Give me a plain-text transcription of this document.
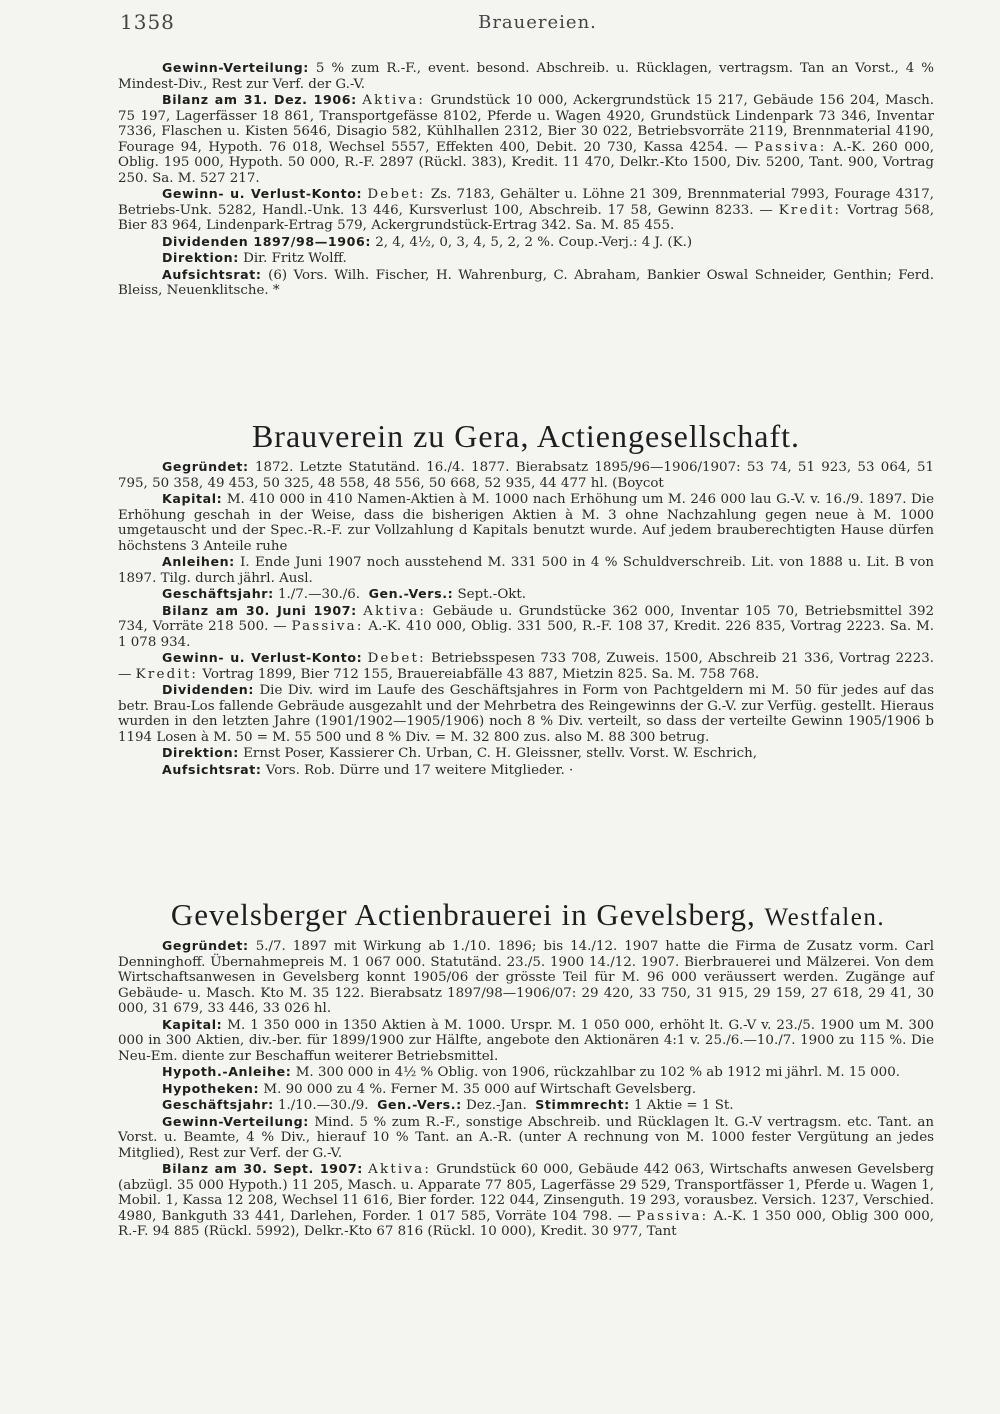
1358	Brauereien.

Gewinn-Verteilung: 5 % zum R.-F., event. besond. Abschreib. u. Rücklagen, vertragsm. Tan an Vorst., 4 % Mindest-Div., Rest zur Verf. der G.-V.

Bilanz am 31. Dez. 1906: Aktiva: Grundstück 10 000, Ackergrundstück 15 217, Gebäude 156 204, Masch. 75 197, Lagerfässer 18 861, Transportgefässe 8102, Pferde u. Wagen 4920, Grundstück Lindenpark 73 346, Inventar 7336, Flaschen u. Kisten 5646, Disagio 582, Kühlhallen 2312, Bier 30 022, Betriebsvorräte 2119, Brennmaterial 4190, Fourage 94, Hypoth. 76 018, Wechsel 5557, Effekten 400, Debit. 20 730, Kassa 4254. — Passiva: A.-K. 260 000, Oblig. 195 000, Hypoth. 50 000, R.-F. 2897 (Rückl. 383), Kredit. 11 470, Delkr.-Kto 1500, Div. 5200, Tant. 900, Vortrag 250. Sa. M. 527 217.

Gewinn- u. Verlust-Konto: Debet: Zs. 7183, Gehälter u. Löhne 21 309, Brennmaterial 7993, Fourage 4317, Betriebs-Unk. 5282, Handl.-Unk. 13 446, Kursverlust 100, Abschreib. 17 58, Gewinn 8233. — Kredit: Vortrag 568, Bier 83 964, Lindenpark-Ertrag 579, Ackergrundstück-Ertrag 342. Sa. M. 85 455.

Dividenden 1897/98—1906: 2, 4, 4½, 0, 3, 4, 5, 2, 2 %. Coup.-Verj.: 4 J. (K.)

Direktion: Dir. Fritz Wolff.

Aufsichtsrat: (6) Vors. Wilh. Fischer, H. Wahrenburg, C. Abraham, Bankier Oswal Schneider, Genthin; Ferd. Bleiss, Neuenklitsche. *

Brauverein zu Gera, Actiengesellschaft.

Gegründet: 1872. Letzte Statutänd. 16./4. 1877. Bierabsatz 1895/96—1906/1907: 53 74, 51 923, 53 064, 51 795, 50 358, 49 453, 50 325, 48 558, 48 556, 50 668, 52 935, 44 477 hl. (Boycot

Kapital: M. 410 000 in 410 Namen-Aktien à M. 1000 nach Erhöhung um M. 246 000 lau G.-V. v. 16./9. 1897. Die Erhöhung geschah in der Weise, dass die bisherigen Aktien à M. 3 ohne Nachzahlung gegen neue à M. 1000 umgetauscht und der Spec.-R.-F. zur Vollzahlung d Kapitals benutzt wurde. Auf jedem brauberechtigten Hause dürfen höchstens 3 Anteile ruhe

Anleihen: I. Ende Juni 1907 noch ausstehend M. 331 500 in 4 % Schuldverschreib. Lit. von 1888 u. Lit. B von 1897. Tilg. durch jährl. Ausl.

Geschäftsjahr: 1./7.—30./6. Gen.-Vers.: Sept.-Okt.

Bilanz am 30. Juni 1907: Aktiva: Gebäude u. Grundstücke 362 000, Inventar 105 70, Betriebsmittel 392 734, Vorräte 218 500. — Passiva: A.-K. 410 000, Oblig. 331 500, R.-F. 108 37, Kredit. 226 835, Vortrag 2223. Sa. M. 1 078 934.

Gewinn- u. Verlust-Konto: Debet: Betriebsspesen 733 708, Zuweis. 1500, Abschreib 21 336, Vortrag 2223. — Kredit: Vortrag 1899, Bier 712 155, Brauereiabfälle 43 887, Mietzin 825. Sa. M. 758 768.

Dividenden: Die Div. wird im Laufe des Geschäftsjahres in Form von Pachtgeldern mi M. 50 für jedes auf das betr. Brau-Los fallende Gebräude ausgezahlt und der Mehrbetra des Reingewinns der G.-V. zur Verfüg. gestellt. Hieraus wurden in den letzten Jahre (1901/1902—1905/1906) noch 8 % Div. verteilt, so dass der verteilte Gewinn 1905/1906 b 1194 Losen à M. 50 = M. 55 500 und 8 % Div. = M. 32 800 zus. also M. 88 300 betrug.

Direktion: Ernst Poser, Kassierer Ch. Urban, C. H. Gleissner, stellv. Vorst. W. Eschrich,

Aufsichtsrat: Vors. Rob. Dürre und 17 weitere Mitglieder. ·

Gevelsberger Actienbrauerei in Gevelsberg, Westfalen.

Gegründet: 5./7. 1897 mit Wirkung ab 1./10. 1896; bis 14./12. 1907 hatte die Firma de Zusatz vorm. Carl Denninghoff. Übernahmepreis M. 1 067 000. Statutänd. 23./5. 1900 14./12. 1907. Bierbrauerei und Mälzerei. Von dem Wirtschaftsanwesen in Gevelsberg konnt 1905/06 der grösste Teil für M. 96 000 veräussert werden. Zugänge auf Gebäude- u. Masch. Kto M. 35 122. Bierabsatz 1897/98—1906/07: 29 420, 33 750, 31 915, 29 159, 27 618, 29 41, 30 000, 31 679, 33 446, 33 026 hl.

Kapital: M. 1 350 000 in 1350 Aktien à M. 1000. Urspr. M. 1 050 000, erhöht lt. G.-V v. 23./5. 1900 um M. 300 000 in 300 Aktien, div.-ber. für 1899/1900 zur Hälfte, angebote den Aktionären 4:1 v. 25./6.—10./7. 1900 zu 115 %. Die Neu-Em. diente zur Beschaffun weiterer Betriebsmittel.

Hypoth.-Anleihe: M. 300 000 in 4½ % Oblig. von 1906, rückzahlbar zu 102 % ab 1912 mi jährl. M. 15 000.

Hypotheken: M. 90 000 zu 4 %. Ferner M. 35 000 auf Wirtschaft Gevelsberg.

Geschäftsjahr: 1./10.—30./9. Gen.-Vers.: Dez.-Jan. Stimmrecht: 1 Aktie = 1 St.

Gewinn-Verteilung: Mind. 5 % zum R.-F., sonstige Abschreib. und Rücklagen lt. G.-V vertragsm. etc. Tant. an Vorst. u. Beamte, 4 % Div., hierauf 10 % Tant. an A.-R. (unter A rechnung von M. 1000 fester Vergütung an jedes Mitglied), Rest zur Verf. der G.-V.

Bilanz am 30. Sept. 1907: Aktiva: Grundstück 60 000, Gebäude 442 063, Wirtschafts anwesen Gevelsberg (abzügl. 35 000 Hypoth.) 11 205, Masch. u. Apparate 77 805, Lagerfässe 29 529, Transportfässer 1, Pferde u. Wagen 1, Mobil. 1, Kassa 12 208, Wechsel 11 616, Bier forder. 122 044, Zinsenguth. 19 293, vorausbez. Versich. 1237, Verschied. 4980, Bankguth 33 441, Darlehen, Forder. 1 017 585, Vorräte 104 798. — Passiva: A.-K. 1 350 000, Oblig 300 000, R.-F. 94 885 (Rückl. 5992), Delkr.-Kto 67 816 (Rückl. 10 000), Kredit. 30 977, Tant
